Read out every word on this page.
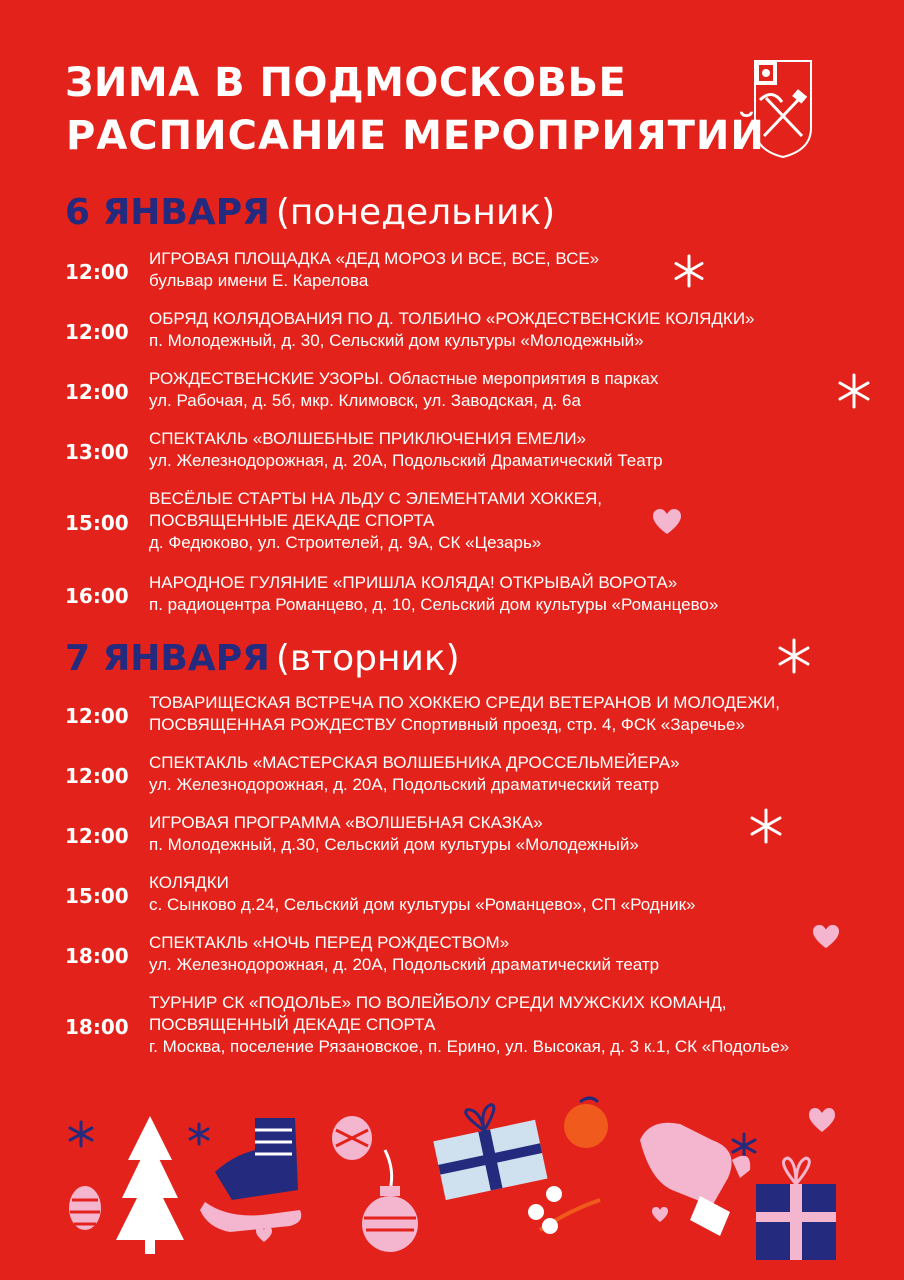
ЗИМА В ПОДМОСКОВЬЕ
РАСПИСАНИЕ МЕРОПРИЯТИЙ
6 ЯНВАРЯ (понедельник)
12:00
ИГРОВАЯ ПЛОЩАДКА «ДЕД МОРОЗ И ВСЕ, ВСЕ, ВСЕ»
бульвар имени Е. Карелова
12:00
ОБРЯД КОЛЯДОВАНИЯ ПО Д. ТОЛБИНО «РОЖДЕСТВЕНСКИЕ КОЛЯДКИ»
п. Молодежный, д. 30, Сельский дом культуры «Молодежный»
12:00
РОЖДЕСТВЕНСКИЕ УЗОРЫ. Областные мероприятия в парках
ул. Рабочая, д. 5б, мкр. Климовск, ул. Заводская, д. 6а
13:00
СПЕКТАКЛЬ «ВОЛШЕБНЫЕ ПРИКЛЮЧЕНИЯ ЕМЕЛИ»
ул. Железнодорожная, д. 20А, Подольский Драматический Театр
15:00
ВЕСЁЛЫЕ СТАРТЫ НА ЛЬДУ С ЭЛЕМЕНТАМИ ХОККЕЯ,
ПОСВЯЩЕННЫЕ ДЕКАДЕ СПОРТА
д. Федюково, ул. Строителей, д. 9А, СК «Цезарь»
16:00
НАРОДНОЕ ГУЛЯНИЕ «ПРИШЛА КОЛЯДА! ОТКРЫВАЙ ВОРОТА»
п. радиоцентра Романцево, д. 10, Сельский дом культуры «Романцево»
7 ЯНВАРЯ (вторник)
12:00
ТОВАРИЩЕСКАЯ ВСТРЕЧА ПО ХОККЕЮ СРЕДИ ВЕТЕРАНОВ И МОЛОДЕЖИ,
ПОСВЯЩЕННАЯ РОЖДЕСТВУ Спортивный проезд, стр. 4, ФСК «Заречье»
12:00
СПЕКТАКЛЬ «МАСТЕРСКАЯ ВОЛШЕБНИКА ДРОССЕЛЬМЕЙЕРА»
ул. Железнодорожная, д. 20А, Подольский драматический театр
12:00
ИГРОВАЯ ПРОГРАММА «ВОЛШЕБНАЯ СКАЗКА»
п. Молодежный, д.30, Сельский дом культуры «Молодежный»
15:00
КОЛЯДКИ
с. Сынково д.24, Сельский дом культуры «Романцево», СП «Родник»
18:00
СПЕКТАКЛЬ «НОЧЬ ПЕРЕД РОЖДЕСТВОМ»
ул. Железнодорожная, д. 20А, Подольский драматический театр
18:00
ТУРНИР СК «ПОДОЛЬЕ» ПО ВОЛЕЙБОЛУ СРЕДИ МУЖСКИХ КОМАНД,
ПОСВЯЩЕННЫЙ ДЕКАДЕ СПОРТА
г. Москва, поселение Рязановское, п. Ерино, ул. Высокая, д. 3 к.1, СК «Подолье»
